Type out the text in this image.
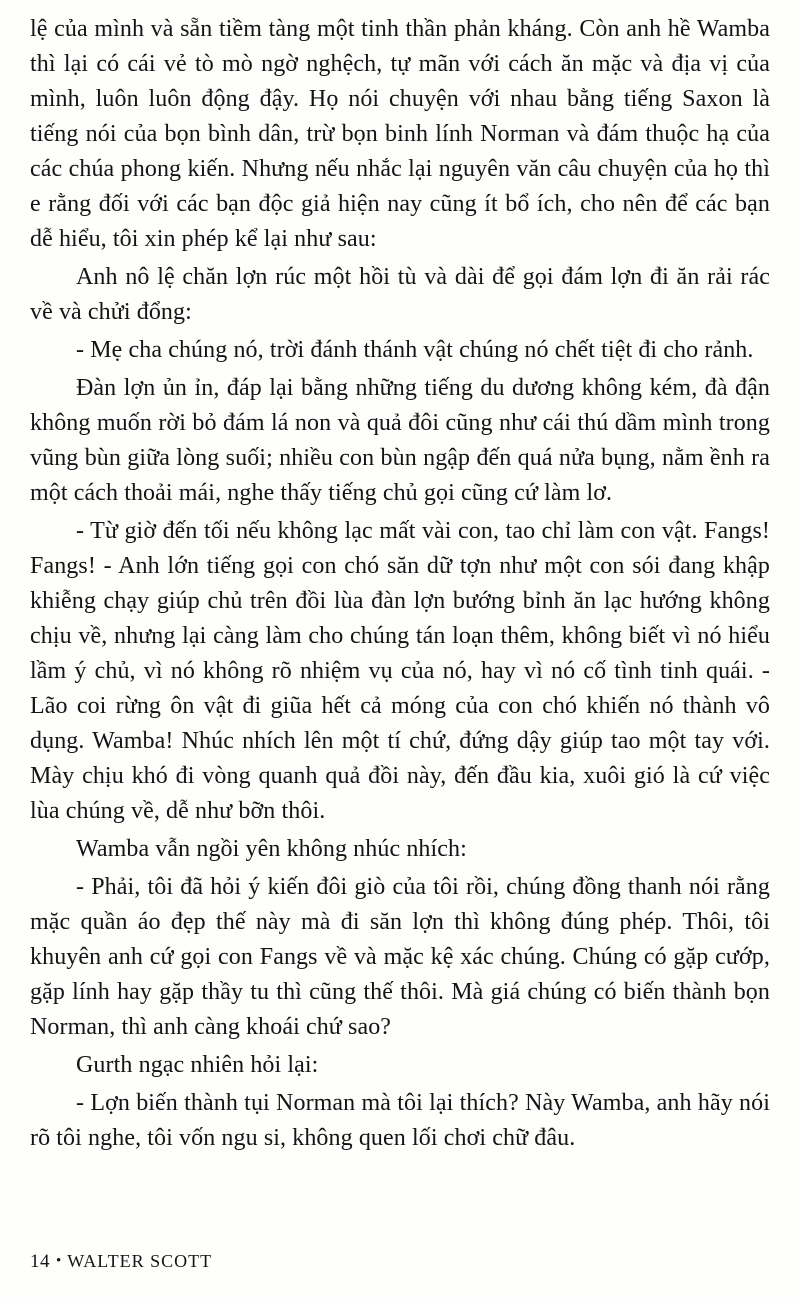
lệ của mình và sẵn tiềm tàng một tinh thần phản kháng. Còn anh hề Wamba thì lại có cái vẻ tò mò ngờ nghệch, tự mãn với cách ăn mặc và địa vị của mình, luôn luôn động đậy. Họ nói chuyện với nhau bằng tiếng Saxon là tiếng nói của bọn bình dân, trừ bọn binh lính Norman và đám thuộc hạ của các chúa phong kiến. Nhưng nếu nhắc lại nguyên văn câu chuyện của họ thì e rằng đối với các bạn độc giả hiện nay cũng ít bổ ích, cho nên để các bạn dễ hiểu, tôi xin phép kể lại như sau:

Anh nô lệ chăn lợn rúc một hồi tù và dài để gọi đám lợn đi ăn rải rác về và chửi đổng:

- Mẹ cha chúng nó, trời đánh thánh vật chúng nó chết tiệt đi cho rảnh.

Đàn lợn ủn ỉn, đáp lại bằng những tiếng du dương không kém, đà đận không muốn rời bỏ đám lá non và quả đôi cũng như cái thú dầm mình trong vũng bùn giữa lòng suối; nhiều con bùn ngập đến quá nửa bụng, nằm ềnh ra một cách thoải mái, nghe thấy tiếng chủ gọi cũng cứ làm lơ.

- Từ giờ đến tối nếu không lạc mất vài con, tao chỉ làm con vật. Fangs! Fangs! - Anh lớn tiếng gọi con chó săn dữ tợn như một con sói đang khập khiễng chạy giúp chủ trên đồi lùa đàn lợn bướng bỉnh ăn lạc hướng không chịu về, nhưng lại càng làm cho chúng tán loạn thêm, không biết vì nó hiểu lầm ý chủ, vì nó không rõ nhiệm vụ của nó, hay vì nó cố tình tinh quái. - Lão coi rừng ôn vật đi giũa hết cả móng của con chó khiến nó thành vô dụng. Wamba! Nhúc nhích lên một tí chứ, đứng dậy giúp tao một tay với. Mày chịu khó đi vòng quanh quả đồi này, đến đầu kia, xuôi gió là cứ việc lùa chúng về, dễ như bỡn thôi.

Wamba vẫn ngồi yên không nhúc nhích:

- Phải, tôi đã hỏi ý kiến đôi giò của tôi rồi, chúng đồng thanh nói rằng mặc quần áo đẹp thế này mà đi săn lợn thì không đúng phép. Thôi, tôi khuyên anh cứ gọi con Fangs về và mặc kệ xác chúng. Chúng có gặp cướp, gặp lính hay gặp thầy tu thì cũng thế thôi. Mà giá chúng có biến thành bọn Norman, thì anh càng khoái chứ sao?

Gurth ngạc nhiên hỏi lại:

- Lợn biến thành tụi Norman mà tôi lại thích? Này Wamba, anh hãy nói rõ tôi nghe, tôi vốn ngu si, không quen lối chơi chữ đâu.

14 • WALTER SCOTT
